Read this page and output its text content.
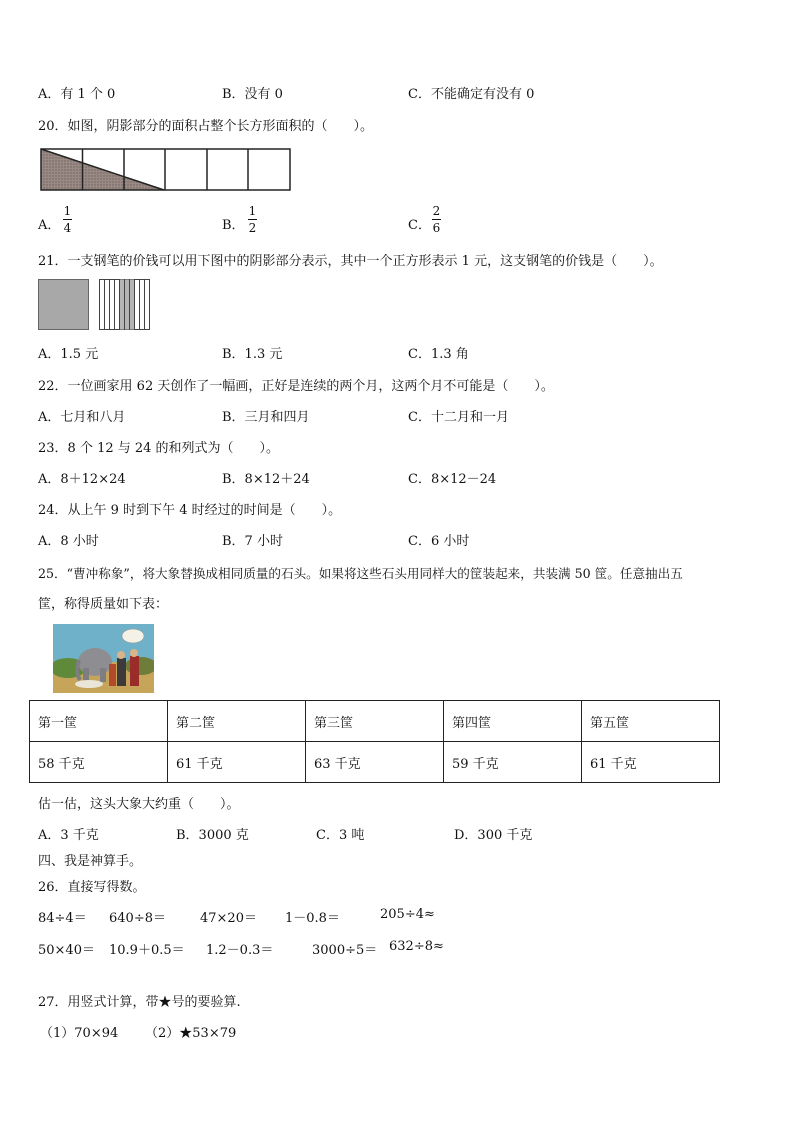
A．有 1 个 0	B．没有 0	C．不能确定有没有 0
20．如图，阴影部分的面积占整个长方形面积的（　　）。
A．
1
4	B．
1
2	C．
2
6
21．一支钢笔的价钱可以用下图中的阴影部分表示，其中一个正方形表示 1 元，这支钢笔的价钱是（　　）。
A．1.5 元	B．1.3 元	C．1.3 角
22．一位画家用 62 天创作了一幅画，正好是连续的两个月，这两个月不可能是（　　）。
A．七月和八月	B．三月和四月	C．十二月和一月
23．8 个 12 与 24 的和列式为（　　）。
A．8＋12×24	B．8×12＋24	C．8×12－24
24．从上午 9 时到下午 4 时经过的时间是（　　）。
A．8 小时	B．7 小时	C．6 小时
25．“曹冲称象”，将大象替换成相同质量的石头。如果将这些石头用同样大的筐装起来，共装满 50 筐。任意抽出五
筐，称得质量如下表：
第一筐	第二筐	第三筐	第四筐	第五筐
58 千克	61 千克	63 千克	59 千克	61 千克
估一估，这头大象大约重（　　）。
A．3 千克	B．3000 克	C．3 吨	D．300 千克
四、我是神算手。
26．直接写得数。
84÷4＝ 640÷8＝	47×20＝ 1－0.8＝	205÷4≈
50×40＝ 10.9＋0.5＝ 1.2－0.3＝	3000÷5＝ 632÷8≈
27．用竖式计算，带★号的要验算.
（1）70×94 （2）★53×79
